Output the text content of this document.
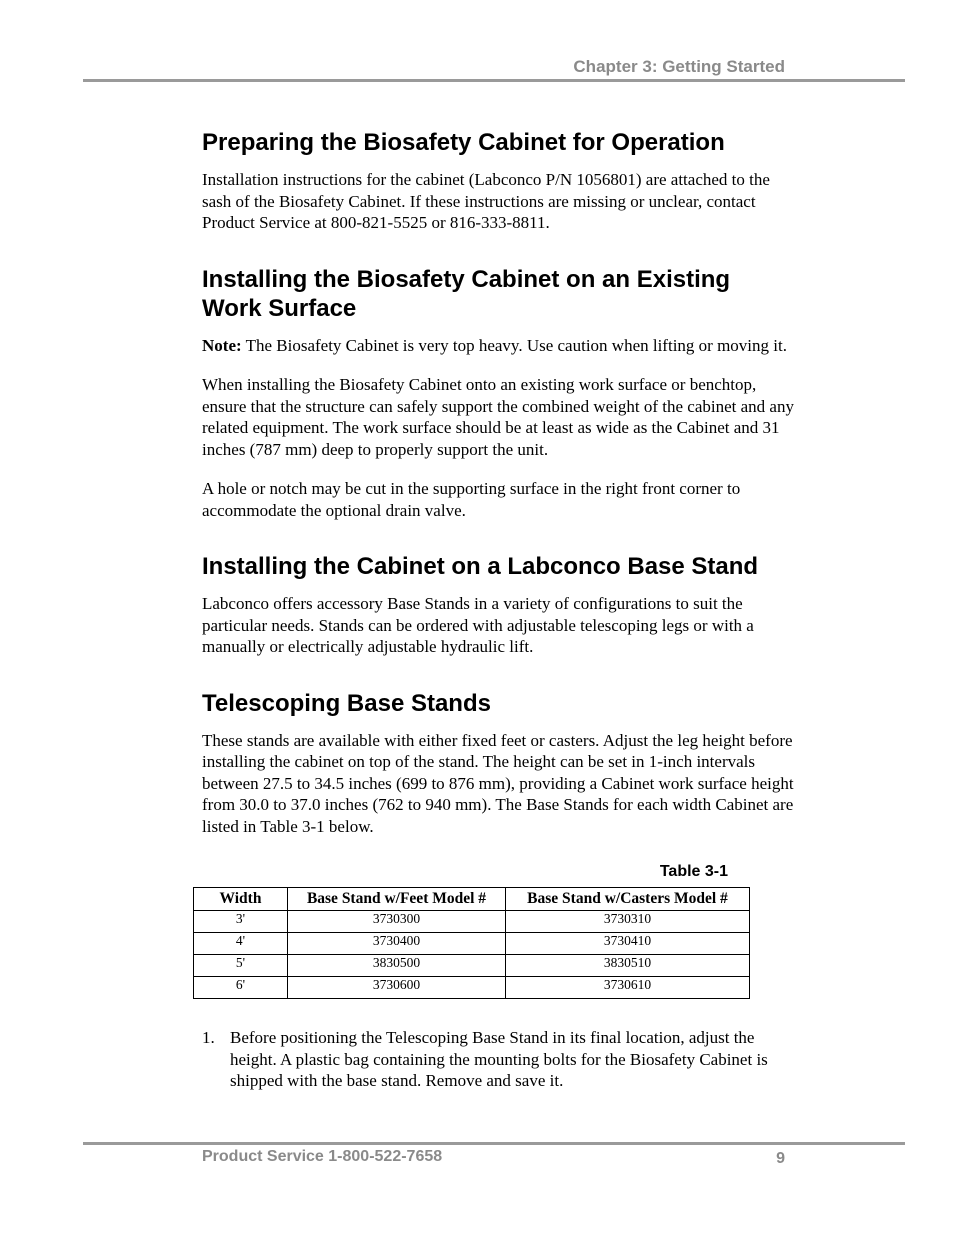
Chapter 3: Getting Started
Preparing the Biosafety Cabinet for Operation

Installation instructions for the cabinet (Labconco P/N 1056801) are attached to the sash of the Biosafety Cabinet. If these instructions are missing or unclear, contact Product Service at 800-821-5525 or 816-333-8811.

Installing the Biosafety Cabinet on an Existing Work Surface

Note: The Biosafety Cabinet is very top heavy. Use caution when lifting or moving it.

When installing the Biosafety Cabinet onto an existing work surface or benchtop, ensure that the structure can safely support the combined weight of the cabinet and any related equipment. The work surface should be at least as wide as the Cabinet and 31 inches (787 mm) deep to properly support the unit.

A hole or notch may be cut in the supporting surface in the right front corner to accommodate the optional drain valve.

Installing the Cabinet on a Labconco Base Stand

Labconco offers accessory Base Stands in a variety of configurations to suit the particular needs. Stands can be ordered with adjustable telescoping legs or with a manually or electrically adjustable hydraulic lift.

Telescoping Base Stands

These stands are available with either fixed feet or casters. Adjust the leg height before installing the cabinet on top of the stand. The height can be set in 1-inch intervals between 27.5 to 34.5 inches (699 to 876 mm), providing a Cabinet work surface height from 30.0 to 37.0 inches (762 to 940 mm). The Base Stands for each width Cabinet are listed in Table 3-1 below.

Table 3-1
Width	Base Stand w/Feet Model #	Base Stand w/Casters Model #
3'	3730300	3730310
4'	3730400	3730410
5'	3830500	3830510
6'	3730600	3730610
1. Before positioning the Telescoping Base Stand in its final location, adjust the height. A plastic bag containing the mounting bolts for the Biosafety Cabinet is shipped with the base stand. Remove and save it.
Product Service 1-800-522-7658	9
